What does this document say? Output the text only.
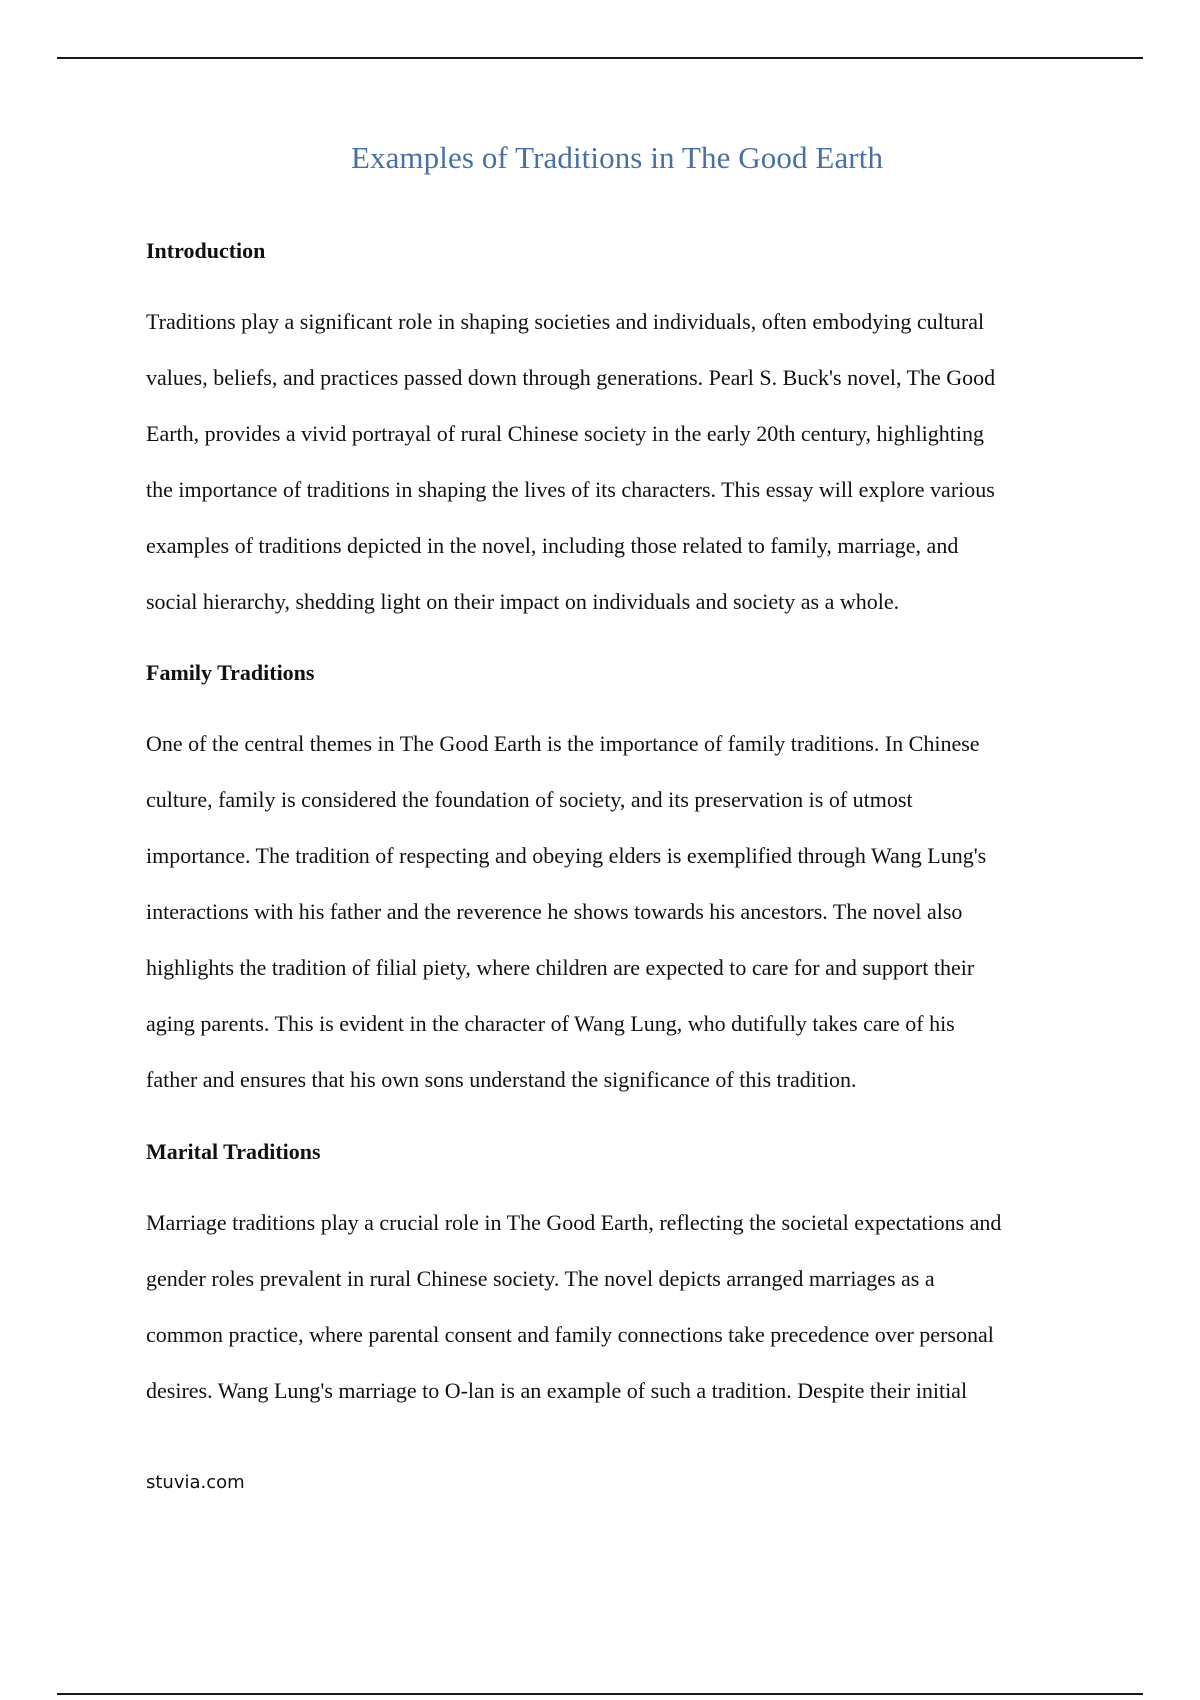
Examples of Traditions in The Good Earth
Introduction

Traditions play a significant role in shaping societies and individuals, often embodying cultural
values, beliefs, and practices passed down through generations. Pearl S. Buck's novel, The Good
Earth, provides a vivid portrayal of rural Chinese society in the early 20th century, highlighting
the importance of traditions in shaping the lives of its characters. This essay will explore various
examples of traditions depicted in the novel, including those related to family, marriage, and
social hierarchy, shedding light on their impact on individuals and society as a whole.

Family Traditions

One of the central themes in The Good Earth is the importance of family traditions. In Chinese
culture, family is considered the foundation of society, and its preservation is of utmost
importance. The tradition of respecting and obeying elders is exemplified through Wang Lung's
interactions with his father and the reverence he shows towards his ancestors. The novel also
highlights the tradition of filial piety, where children are expected to care for and support their
aging parents. This is evident in the character of Wang Lung, who dutifully takes care of his
father and ensures that his own sons understand the significance of this tradition.

Marital Traditions

Marriage traditions play a crucial role in The Good Earth, reflecting the societal expectations and
gender roles prevalent in rural Chinese society. The novel depicts arranged marriages as a
common practice, where parental consent and family connections take precedence over personal
desires. Wang Lung's marriage to O-lan is an example of such a tradition. Despite their initial

stuvia.com
